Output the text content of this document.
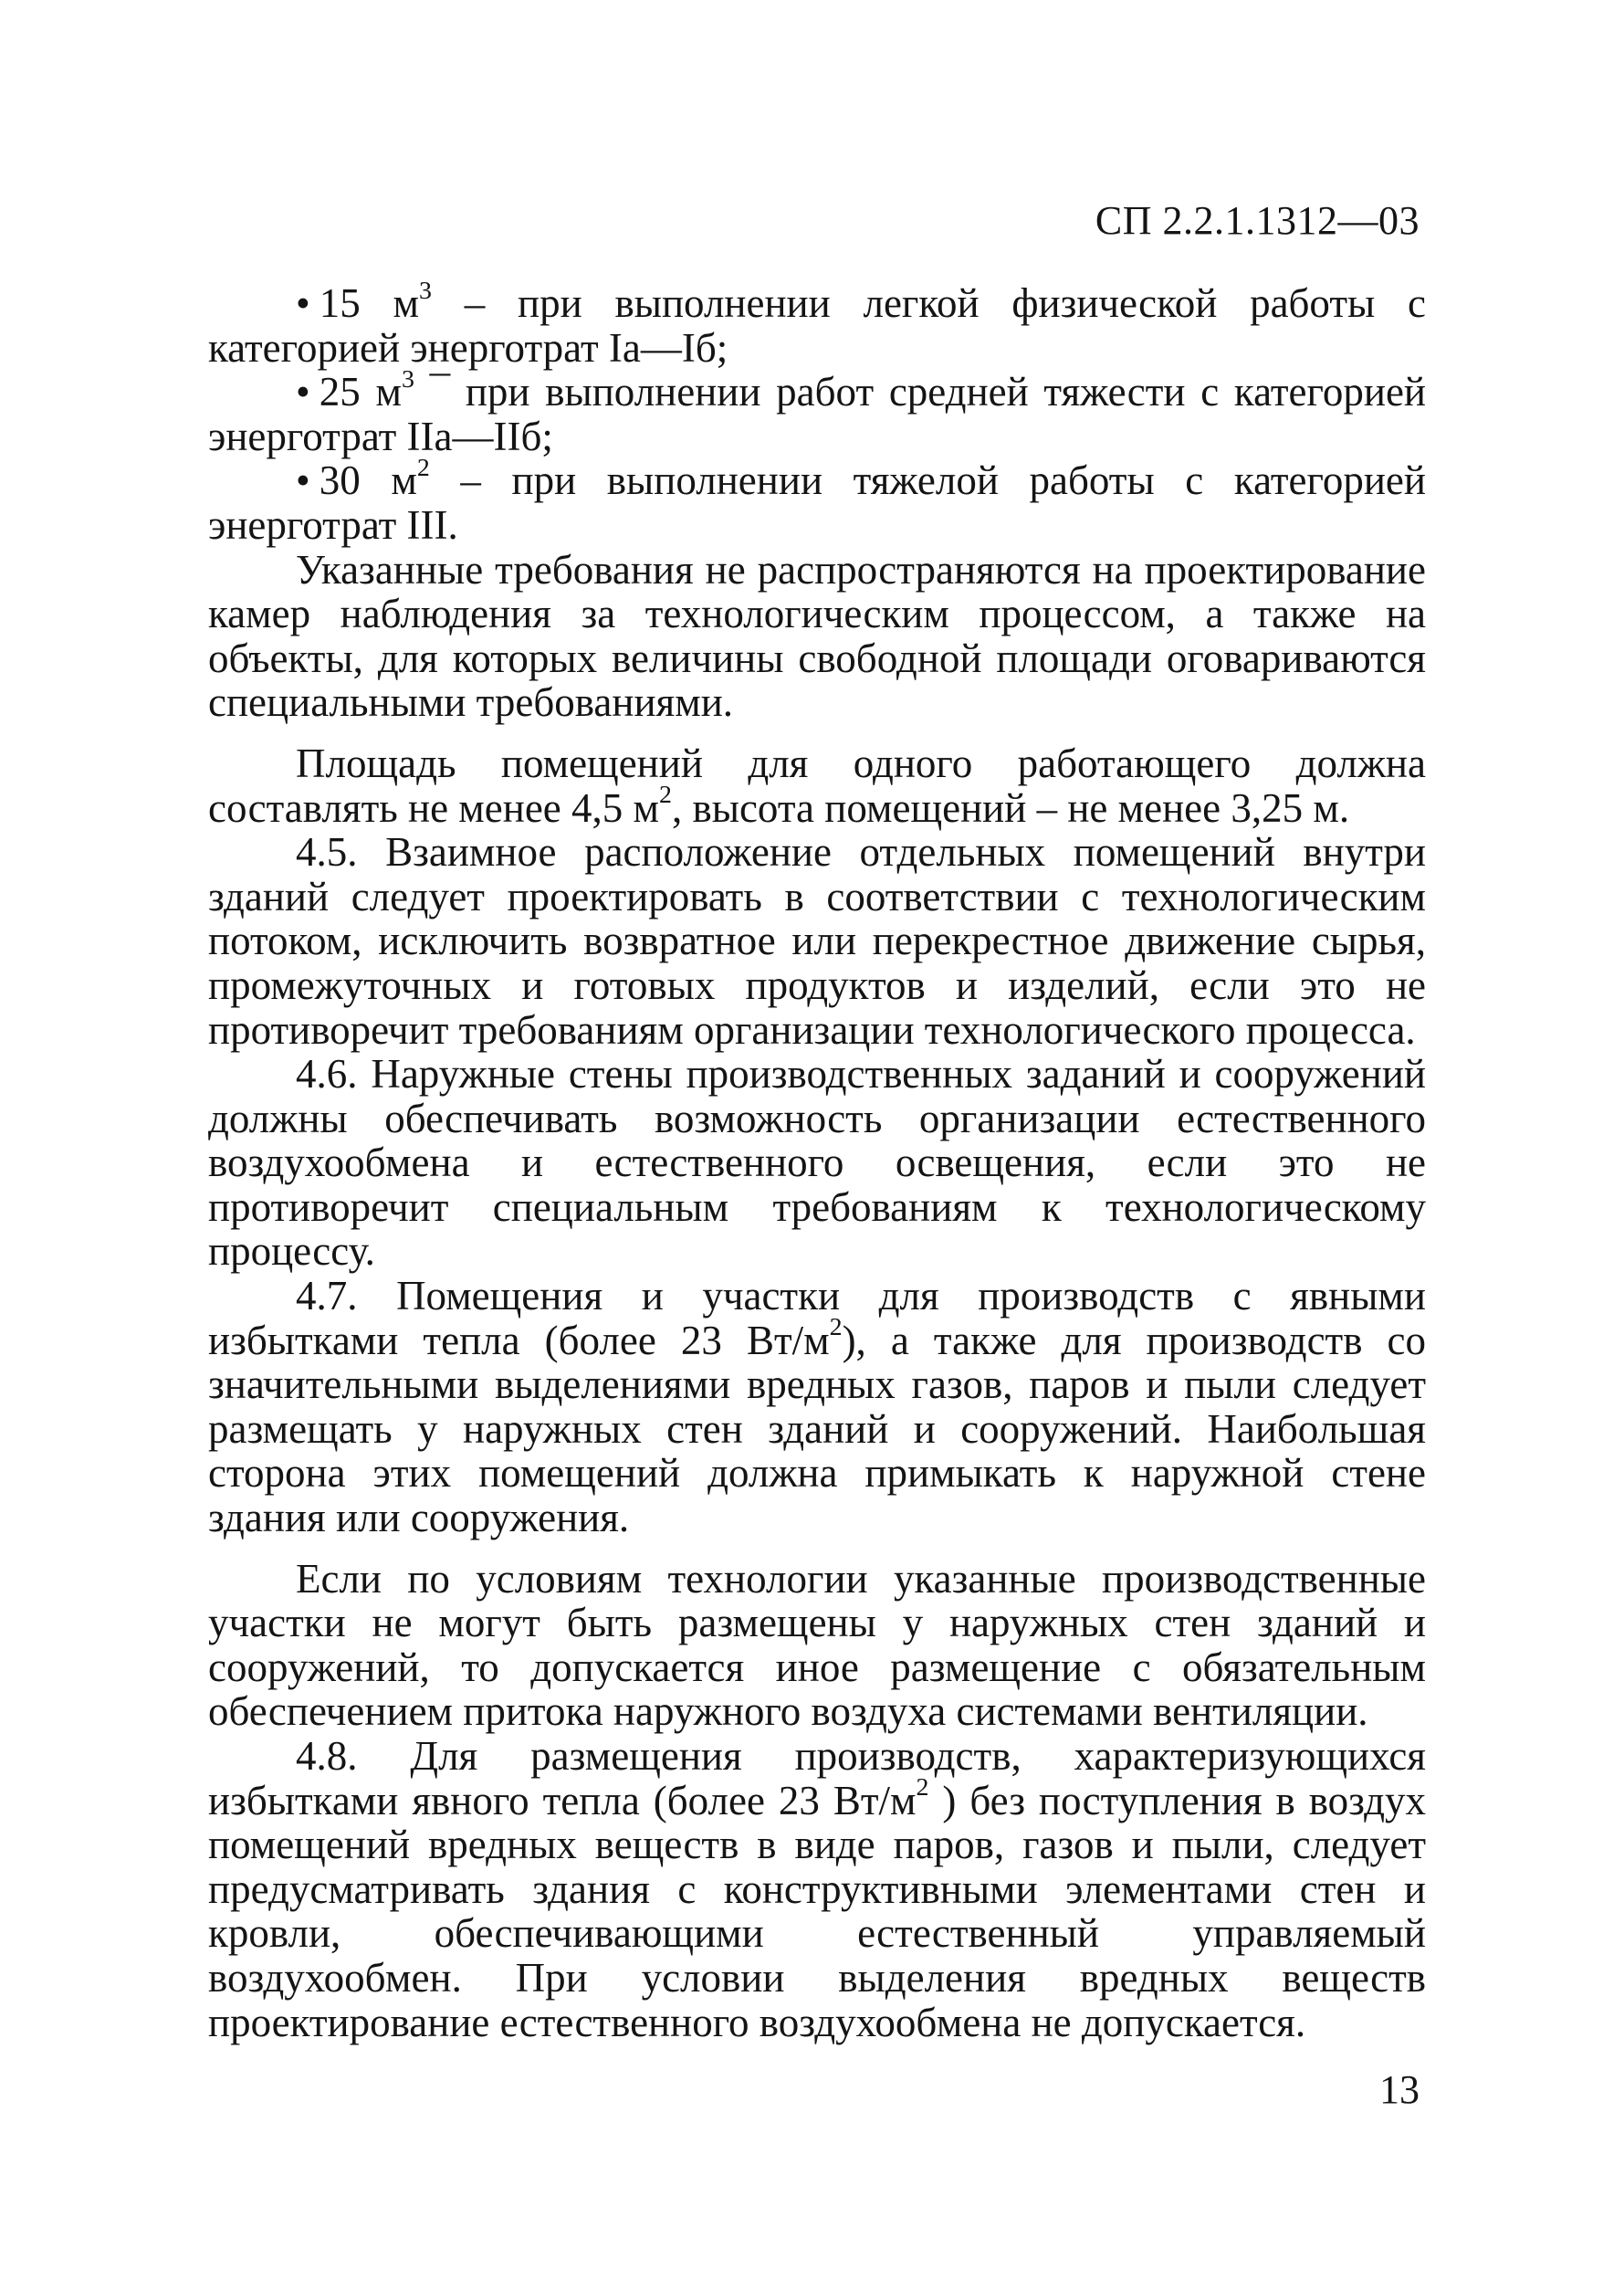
СП 2.2.1.1312—03

• 15 $м^3$ – при выполнении легкой физической работы с категорией энерготрат Iа—Iб;

• 25 $м^3$ ¯ при выполнении работ средней тяжести с категорией энерготрат IIа—IIб;

• 30 $м^2$ – при выполнении тяжелой работы с категорией энерготрат III.

Указанные требования не распространяются на проектирование камер наблюдения за технологическим процессом, а также на объекты, для которых величины свободной площади оговариваются специальными требованиями.

Площадь помещений для одного работающего должна составлять не менее 4,5 $м^2$, высота помещений – не менее 3,25 м.

4.5. Взаимное расположение отдельных помещений внутри зданий следует проектировать в соответствии с технологическим потоком, исключить возвратное или перекрестное движение сырья, промежуточных и готовых продуктов и изделий, если это не противоречит требованиям организации технологического процесса.

4.6. Наружные стены производственных заданий и сооружений должны обеспечивать возможность организации естественного воздухообмена и естественного освещения, если это не противоречит специальным требованиям к технологическому процессу.

4.7. Помещения и участки для производств с явными избытками тепла (более 23 $Вт/м^2$), а также для производств со значительными выделениями вредных газов, паров и пыли следует размещать у наружных стен зданий и сооружений. Наибольшая сторона этих помещений должна примыкать к наружной стене здания или сооружения.

Если по условиям технологии указанные производственные участки не могут быть размещены у наружных стен зданий и сооружений, то допускается иное размещение с обязательным обеспечением притока наружного воздуха системами вентиляции.

4.8. Для размещения производств, характеризующихся избытками явного тепла (более 23 $Вт/м^2$ ) без поступления в воздух помещений вредных веществ в виде паров, газов и пыли, следует предусматривать здания с конструктивными элементами стен и кровли, обеспечивающими естественный управляемый воздухообмен. При условии выделения вредных веществ проектирование естественного воздухообмена не допускается.

13
